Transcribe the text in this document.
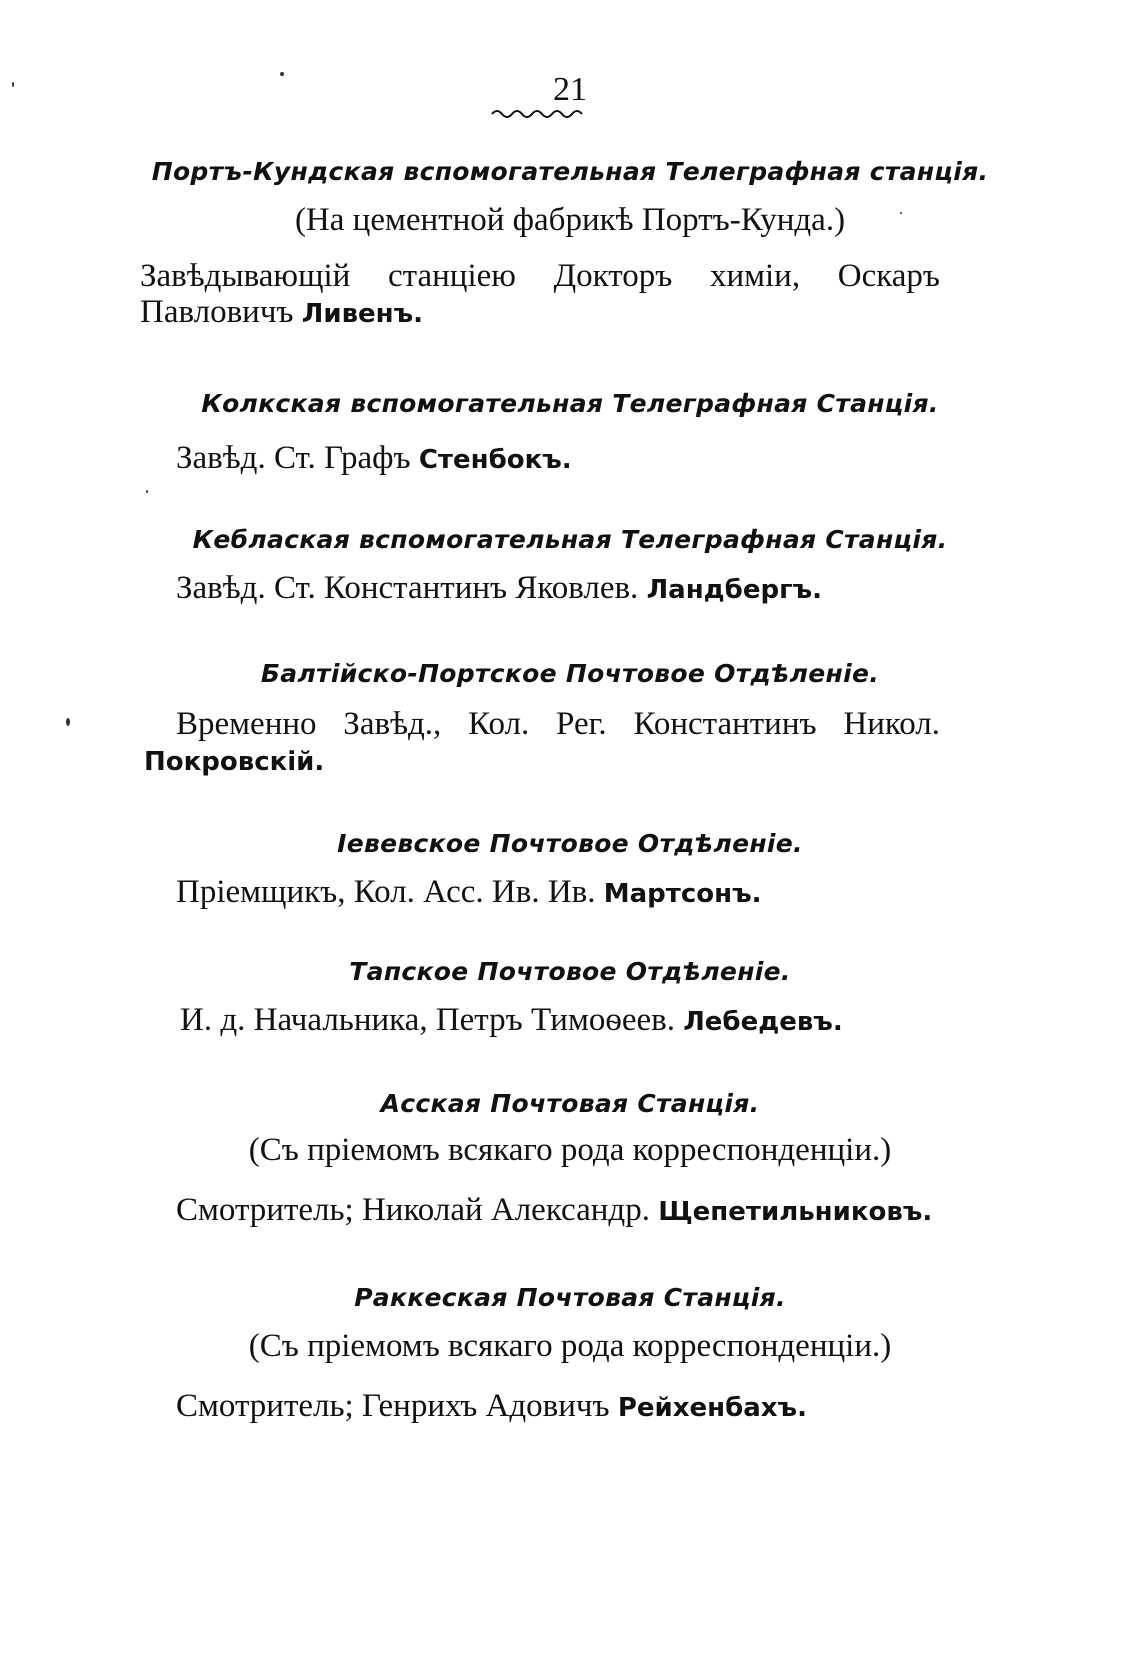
21
Портъ-Кундская вспомогательная Телеграфная станція.
(На цементной фабрикѣ Портъ-Кунда.)
Завѣдывающій станціею Докторъ химіи, Оскаръ
Павловичъ Ливенъ.
Колкская вспомогательная Телеграфная Станція.
Завѣд. Ст. Графъ Стенбокъ.
Кеблаская вспомогательная Телеграфная Станція.
Завѣд. Ст. Константинъ Яковлев. Ландбергъ.
Балтійско-Портское Почтовое Отдѣленіе.
Временно Завѣд., Кол. Рег. Константинъ Никол.
Покровскій.
Іевевское Почтовое Отдѣленіе.
Пріемщикъ, Кол. Асс. Ив. Ив. Мартсонъ.
Тапское Почтовое Отдѣленіе.
И. д. Начальника, Петръ Тимоѳеев. Лебедевъ.
Асская Почтовая Станція.
(Съ пріемомъ всякаго рода корреспонденціи.)
Смотритель; Николай Александр. Щепетильниковъ.
Раккеская Почтовая Станція.
(Съ пріемомъ всякаго рода корреспонденціи.)
Смотритель; Генрихъ Адовичъ Рейхенбахъ.
